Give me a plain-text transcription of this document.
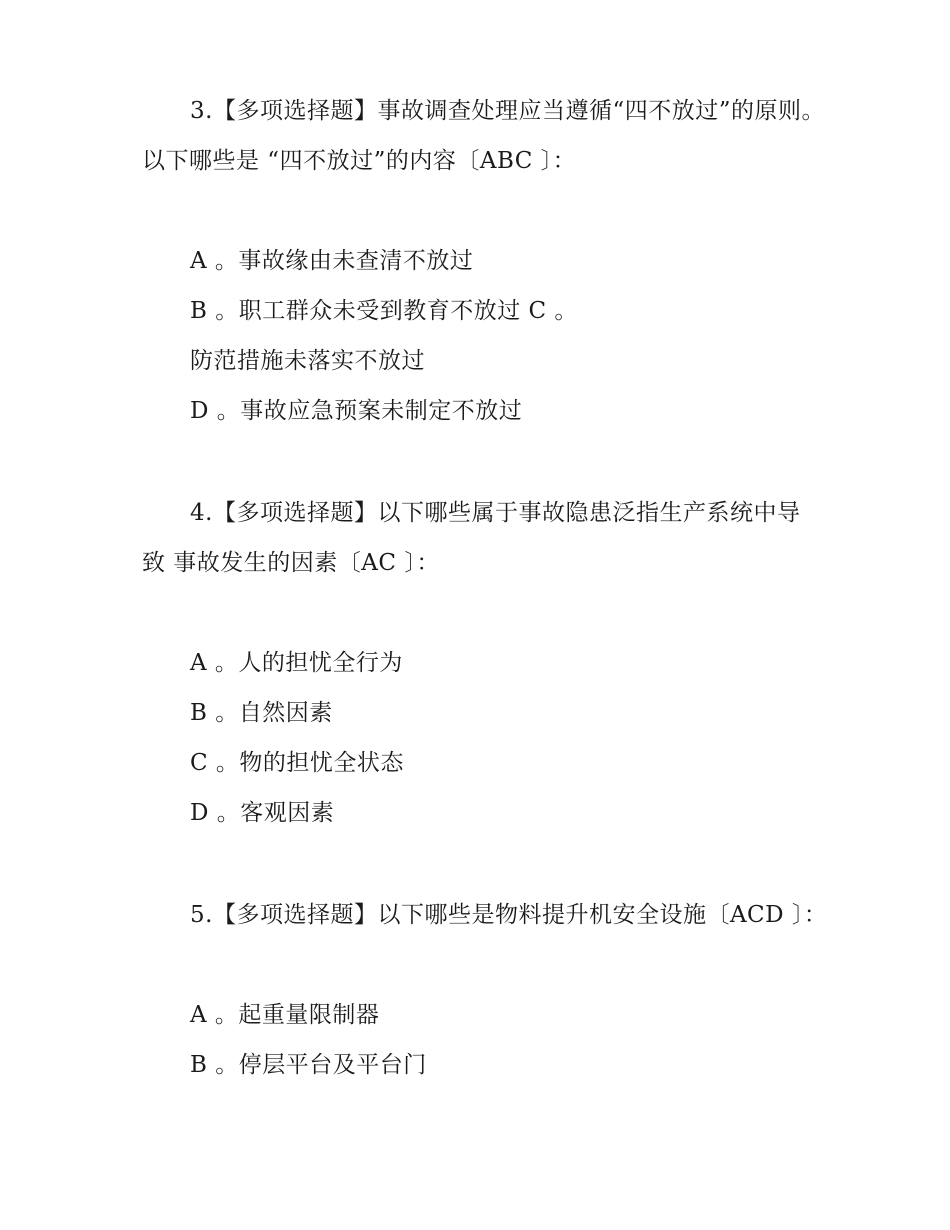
3.【多项选择题】事故调查处理应当遵循“四不放过”的原则。
以下哪些是 “四不放过”的内容〔ABC 〕：
A 。事故缘由未查清不放过
B 。职工群众未受到教育不放过 C 。
防范措施未落实不放过
D 。事故应急预案未制定不放过
4.【多项选择题】以下哪些属于事故隐患泛指生产系统中导
致 事故发生的因素〔AC 〕：
A 。人的担忧全行为
B 。自然因素
C 。物的担忧全状态
D 。客观因素
5.【多项选择题】以下哪些是物料提升机安全设施〔ACD 〕：
A 。起重量限制器
B 。停层平台及平台门
